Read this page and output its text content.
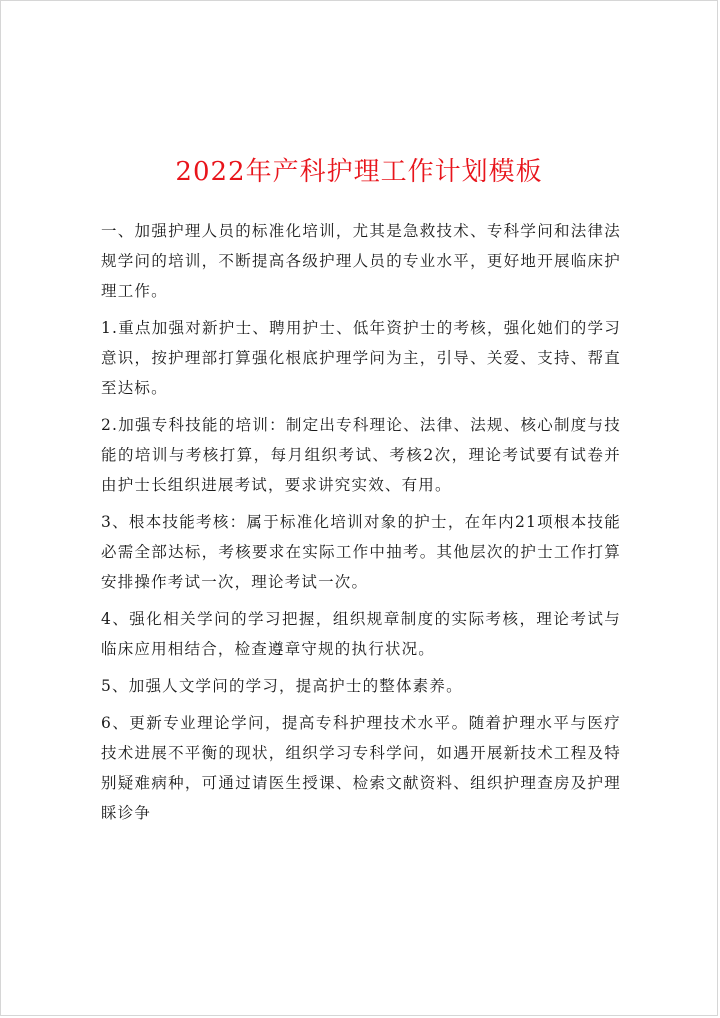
2022年产科护理工作计划模板

一、加强护理人员的标准化培训，尤其是急救技术、专科学问和法律法规学问的培训，不断提高各级护理人员的专业水平，更好地开展临床护理工作。

1.重点加强对新护士、聘用护士、低年资护士的考核，强化她们的学习意识，按护理部打算强化根底护理学问为主，引导、关爱、支持、帮直至达标。

2.加强专科技能的培训：制定出专科理论、法律、法规、核心制度与技能的培训与考核打算，每月组织考试、考核2次，理论考试要有试卷并由护士长组织进展考试，要求讲究实效、有用。

3、根本技能考核：属于标准化培训对象的护士，在年内21项根本技能必需全部达标，考核要求在实际工作中抽考。其他层次的护士工作打算安排操作考试一次，理论考试一次。

4、强化相关学问的学习把握，组织规章制度的实际考核，理论考试与临床应用相结合，检查遵章守规的执行状况。

5、加强人文学问的学习，提高护士的整体素养。

6、更新专业理论学问，提高专科护理技术水平。随着护理水平与医疗技术进展不平衡的现状，组织学习专科学问，如遇开展新技术工程及特别疑难病种，可通过请医生授课、检索文献资料、组织护理查房及护理睬诊争
